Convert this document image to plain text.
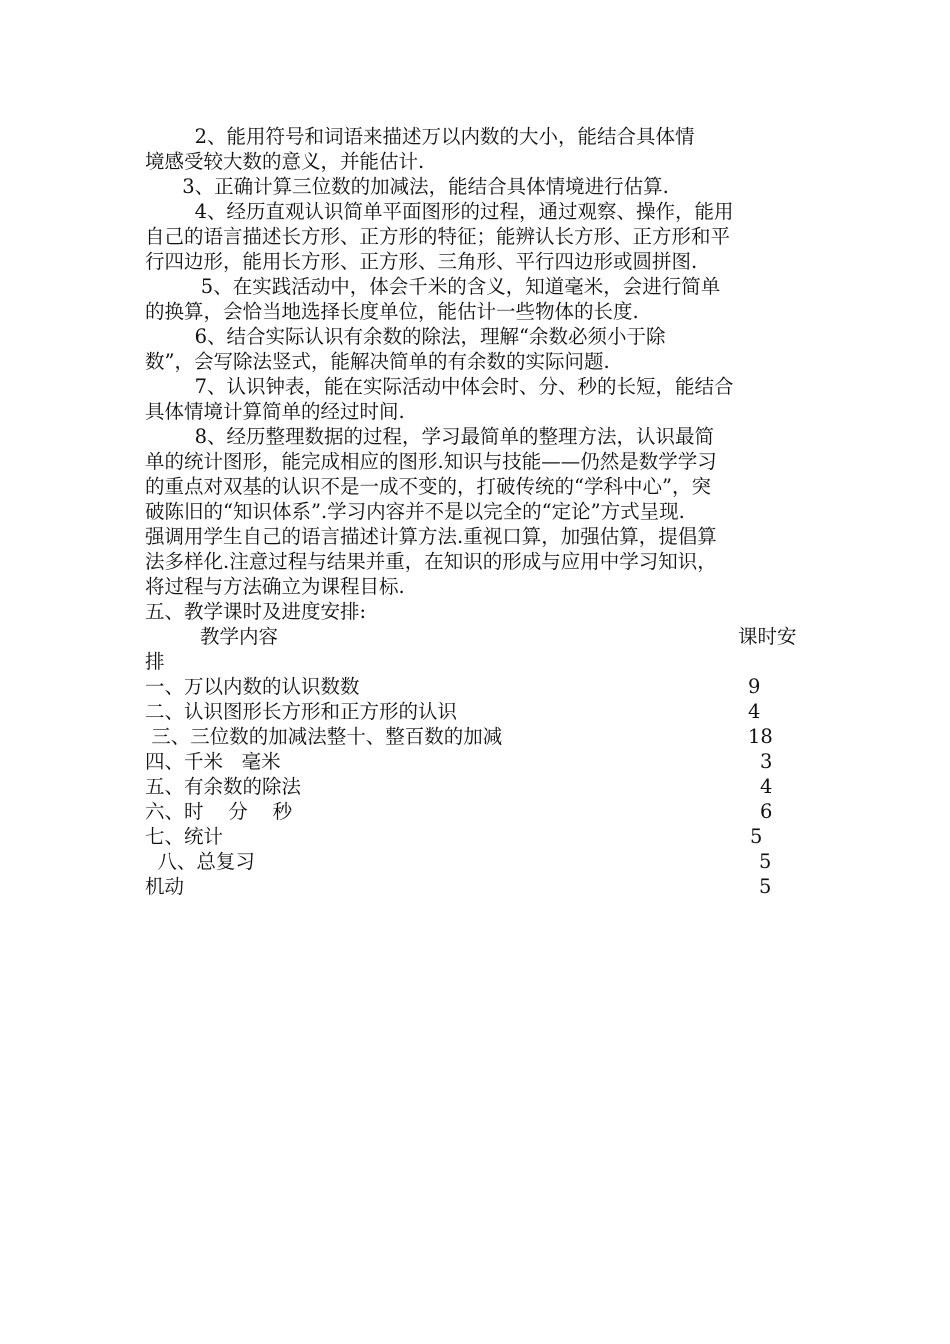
2、能用符号和词语来描述万以内数的大小，能结合具体情
境感受较大数的意义，并能估计.
3、正确计算三位数的加减法，能结合具体情境进行估算.
4、经历直观认识简单平面图形的过程，通过观察、操作，能用
自己的语言描述长方形、正方形的特征；能辨认长方形、正方形和平
行四边形，能用长方形、正方形、三角形、平行四边形或圆拼图.
5、在实践活动中，体会千米的含义，知道毫米，会进行简单
的换算，会恰当地选择长度单位，能估计一些物体的长度.
6、结合实际认识有余数的除法，理解“余数必须小于除
数”，会写除法竖式，能解决简单的有余数的实际问题.
7、认识钟表，能在实际活动中体会时、分、秒的长短，能结合
具体情境计算简单的经过时间.
8、经历整理数据的过程，学习最简单的整理方法，认识最简
单的统计图形，能完成相应的图形.知识与技能——仍然是数学学习
的重点对双基的认识不是一成不变的，打破传统的“学科中心”，突
破陈旧的“知识体系”.学习内容并不是以完全的“定论”方式呈现.
强调用学生自己的语言描述计算方法.重视口算，加强估算，提倡算
法多样化.注意过程与结果并重，在知识的形成与应用中学习知识，
将过程与方法确立为课程目标.
五、教学课时及进度安排:
教学内容	课时安
排
一、万以内数的认识数数	9
二、认识图形长方形和正方形的认识	4
三、三位数的加减法整十、整百数的加减	18
四、千米   毫米	3
五、有余数的除法	4
六、时    分    秒	6
七、统计	5
八、总复习	5
机动	5
